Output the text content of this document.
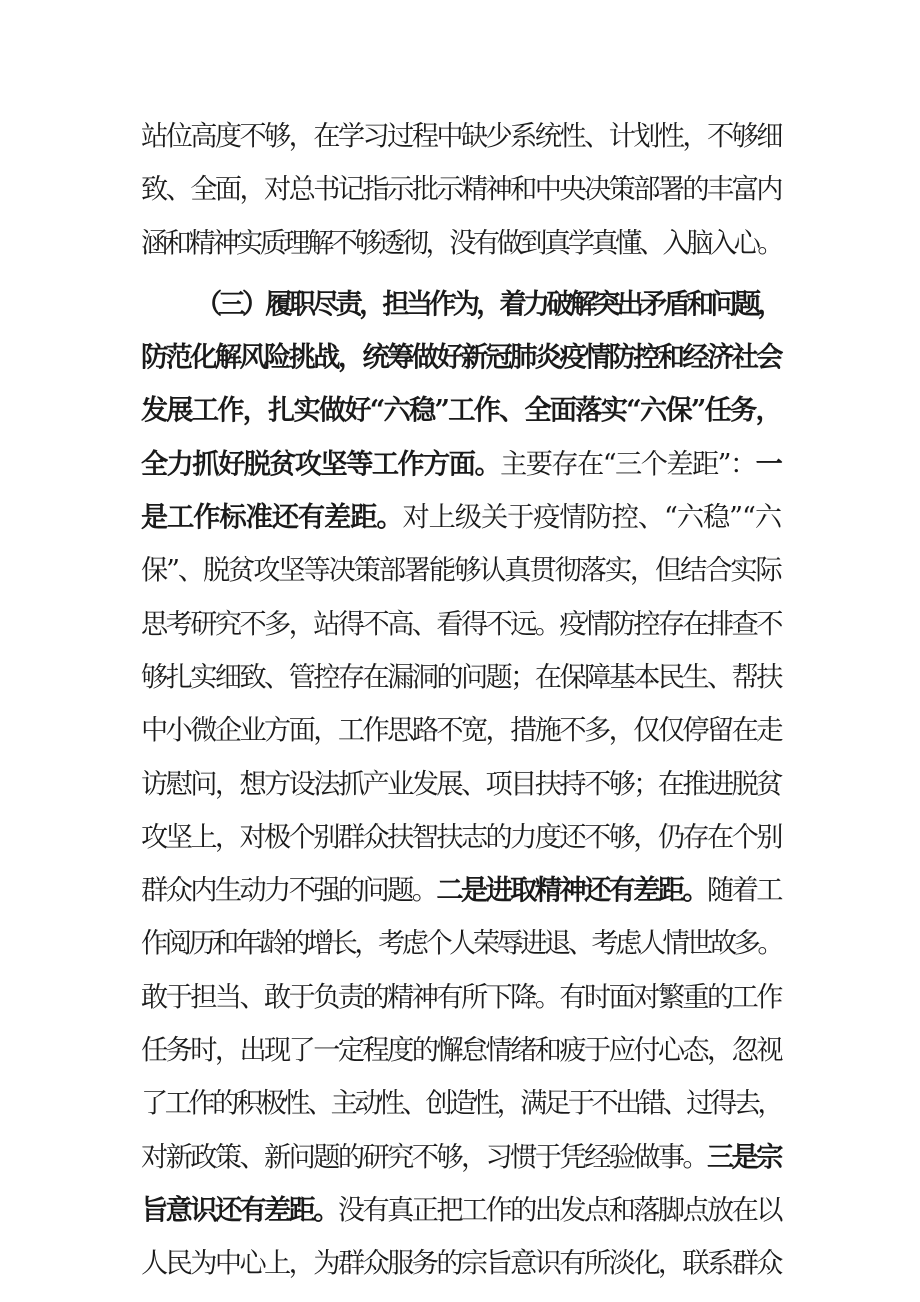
站位高度不够，在学习过程中缺少系统性、计划性，不够细
致、全面，对总书记指示批示精神和中央决策部署的丰富内
涵和精神实质理解不够透彻，没有做到真学真懂、入脑入心。
（三）履职尽责，担当作为，着力破解突出矛盾和问题，
防范化解风险挑战，统筹做好新冠肺炎疫情防控和经济社会
发展工作，扎实做好“六稳”工作、全面落实“六保”任务，
全力抓好脱贫攻坚等工作方面。主要存在“三个差距”：一
是工作标准还有差距。对上级关于疫情防控、“六稳”“六
保”、脱贫攻坚等决策部署能够认真贯彻落实，但结合实际
思考研究不多，站得不高、看得不远。疫情防控存在排查不
够扎实细致、管控存在漏洞的问题；在保障基本民生、帮扶
中小微企业方面，工作思路不宽，措施不多，仅仅停留在走
访慰问，想方设法抓产业发展、项目扶持不够；在推进脱贫
攻坚上，对极个别群众扶智扶志的力度还不够，仍存在个别
群众内生动力不强的问题。二是进取精神还有差距。随着工
作阅历和年龄的增长，考虑个人荣辱进退、考虑人情世故多。
敢于担当、敢于负责的精神有所下降。有时面对繁重的工作
任务时，出现了一定程度的懈怠情绪和疲于应付心态，忽视
了工作的积极性、主动性、创造性，满足于不出错、过得去，
对新政策、新问题的研究不够，习惯于凭经验做事。三是宗
旨意识还有差距。没有真正把工作的出发点和落脚点放在以
人民为中心上，为群众服务的宗旨意识有所淡化，联系群众
